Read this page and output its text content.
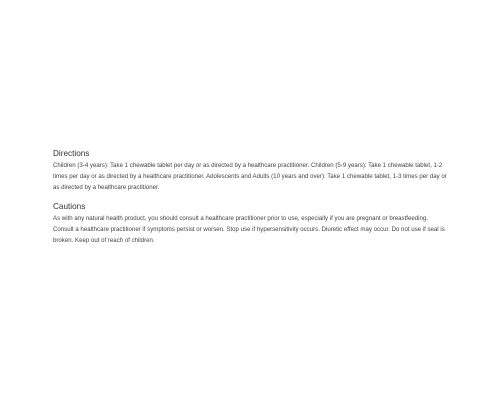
Directions

Children (3-4 years): Take 1 chewable tablet per day or as directed by a healthcare practitioner. Children (5-9 years): Take 1 chewable tablet, 1-2 times per day or as directed by a healthcare practitioner. Adolescents and Adults (10 years and over): Take 1 chewable tablet, 1-3 times per day or as directed by a healthcare practitioner.

Cautions

As with any natural health product, you should consult a healthcare practitioner prior to use, especially if you are pregnant or breastfeeding. Consult a healthcare practitioner if symptoms persist or worsen. Stop use if hypersensitivity occurs. Diuretic effect may occur. Do not use if seal is broken. Keep out of reach of children.
